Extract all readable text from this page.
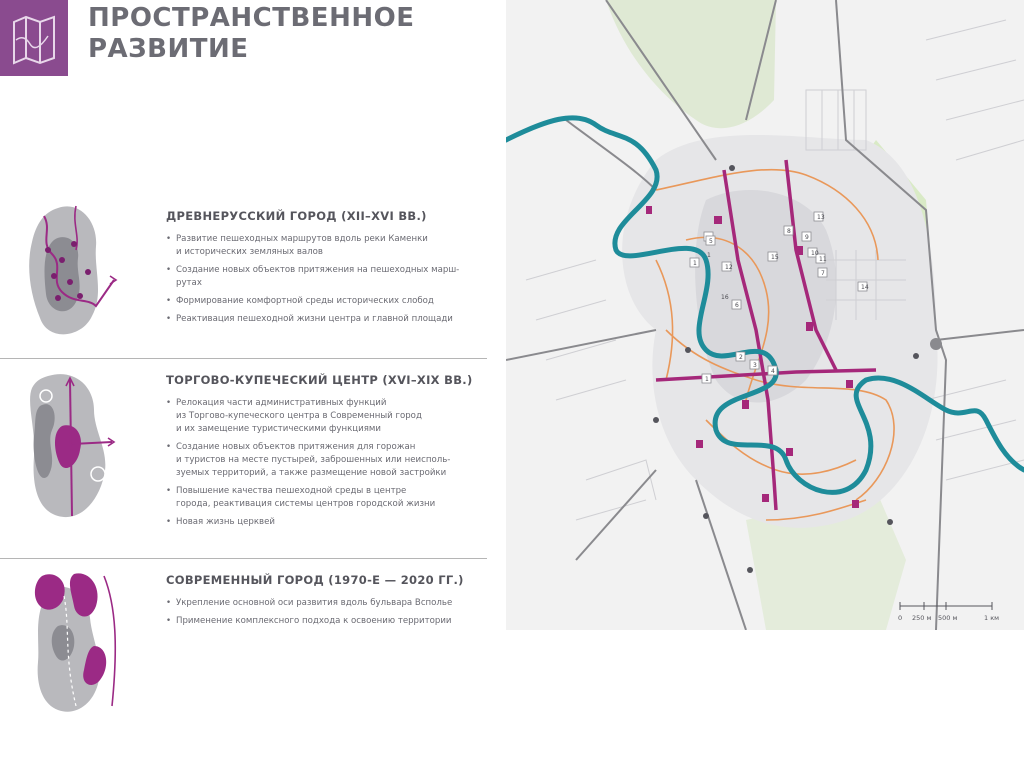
ПРОСТРАНСТВЕННОЕ
РАЗВИТИЕ
ДРЕВНЕРУССКИЙ ГОРОД (XII–XVI ВВ.)
• Развитие пешеходных маршрутов вдоль реки Каменки
и исторических земляных валов
• Создание новых объектов притяжения на пешеходных марш-
рутах
• Формирование комфортной среды исторических слобод
• Реактивация пешеходной жизни центра и главной площади
ТОРГОВО-КУПЕЧЕСКИЙ ЦЕНТР (XVI–XIX ВВ.)
• Релокация части административных функций
из Торгово-купеческого центра в Современный город
и их замещение туристическими функциями
• Создание новых объектов притяжения для горожан
и туристов на месте пустырей, заброшенных или неисполь-
зуемых территорий, а также размещение новой застройки
• Повышение качества пешеходной среды в центре
города, реактивация системы центров городской жизни
• Новая жизнь церквей
СОВРЕМЕННЫЙ ГОРОД (1970-Е — 2020 ГГ.)
• Укрепление основной оси развития вдоль бульвара Всполье
• Применение комплексного подхода к освоению территории	0 250 м 500 м	1 км
1
1
1
2
3
4
5
6
7
8
9
10
11
12
13
14
15
16
